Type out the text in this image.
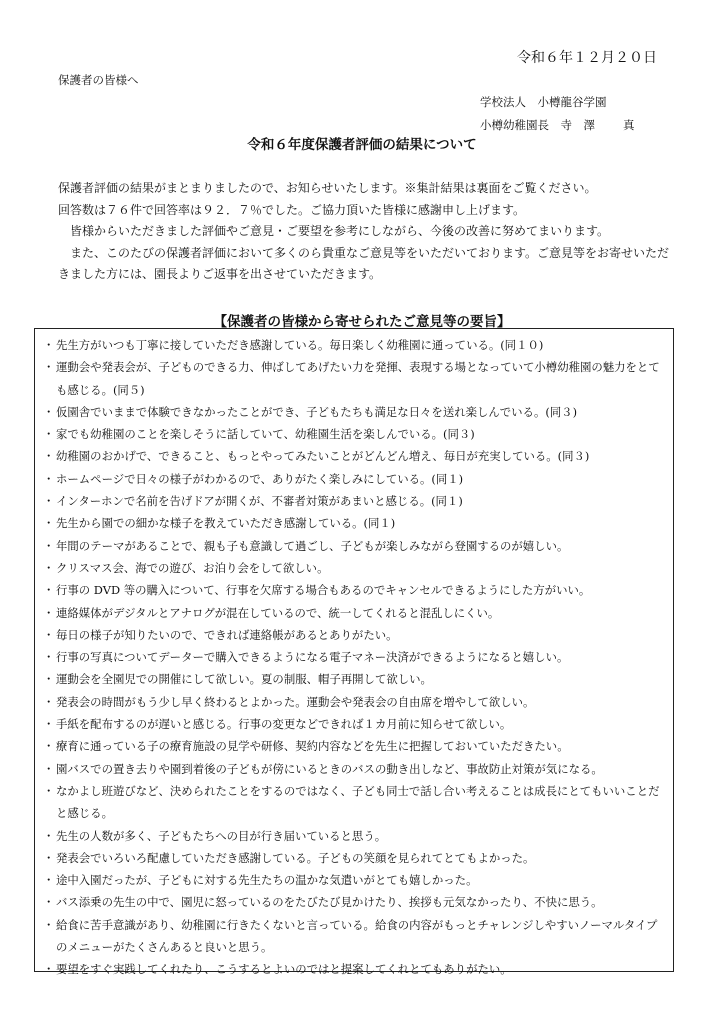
令和６年１２月２０日
保護者の皆様へ
学校法人　小樽龍谷学園
小樽幼稚園長　寺　澤 真
令和６年度保護者評価の結果について

保護者評価の結果がまとまりましたので、お知らせいたします。※集計結果は裏面をご覧ください。

回答数は７６件で回答率は９２．７％でした。ご協力頂いた皆様に感謝申し上げます。

皆様からいただきました評価やご意見・ご要望を参考にしながら、今後の改善に努めてまいります。

また、このたびの保護者評価において多くのら貴重なご意見等をいただいております。ご意見等をお寄せいただきました方には、園長よりご返事を出させていただきます。

【保護者の皆様から寄せられたご意見等の要旨】
・ 先生方がいつも丁寧に接していただき感謝している。毎日楽しく幼稚園に通っている。(同１０)
・ 運動会や発表会が、子どものできる力、伸ばしてあげたい力を発揮、表現する場となっていて小樽幼稚園の魅力をとても感じる。(同５)
・ 仮園舎でいままで体験できなかったことができ、子どもたちも満足な日々を送れ楽しんでいる。(同３)
・ 家でも幼稚園のことを楽しそうに話していて、幼稚園生活を楽しんでいる。(同３)
・ 幼稚園のおかげで、できること、もっとやってみたいことがどんどん増え、毎日が充実している。(同３)
・ ホームページで日々の様子がわかるので、ありがたく楽しみにしている。(同１)
・ インターホンで名前を告げドアが開くが、不審者対策があまいと感じる。(同１)
・ 先生から園での細かな様子を教えていただき感謝している。(同１)
・ 年間のテーマがあることで、親も子も意識して過ごし、子どもが楽しみながら登園するのが嬉しい。
・ クリスマス会、海での遊び、お泊り会をして欲しい。
・ 行事の DVD 等の購入について、行事を欠席する場合もあるのでキャンセルできるようにした方がいい。
・ 連絡媒体がデジタルとアナログが混在しているので、統一してくれると混乱しにくい。
・ 毎日の様子が知りたいので、できれば連絡帳があるとありがたい。
・ 行事の写真についてデーターで購入できるようになる電子マネー決済ができるようになると嬉しい。
・ 運動会を全園児での開催にして欲しい。夏の制服、帽子再開して欲しい。
・ 発表会の時間がもう少し早く終わるとよかった。運動会や発表会の自由席を増やして欲しい。
・ 手紙を配布するのが遅いと感じる。行事の変更などできれば１カ月前に知らせて欲しい。
・ 療育に通っている子の療育施設の見学や研修、契約内容などを先生に把握しておいていただきたい。
・ 園バスでの置き去りや園到着後の子どもが傍にいるときのバスの動き出しなど、事故防止対策が気になる。
・ なかよし班遊びなど、決められたことをするのではなく、子ども同士で話し合い考えることは成長にとてもいいことだと感じる。
・ 先生の人数が多く、子どもたちへの目が行き届いていると思う。
・ 発表会でいろいろ配慮していただき感謝している。子どもの笑顔を見られてとてもよかった。
・ 途中入園だったが、子どもに対する先生たちの温かな気遣いがとても嬉しかった。
・ バス添乗の先生の中で、園児に怒っているのをたびたび見かけたり、挨拶も元気なかったり、不快に思う。
・ 給食に苦手意識があり、幼稚園に行きたくないと言っている。給食の内容がもっとチャレンジしやすいノーマルタイプのメニューがたくさんあると良いと思う。
・ 要望をすぐ実践してくれたり、こうするとよいのではと提案してくれとてもありがたい。
